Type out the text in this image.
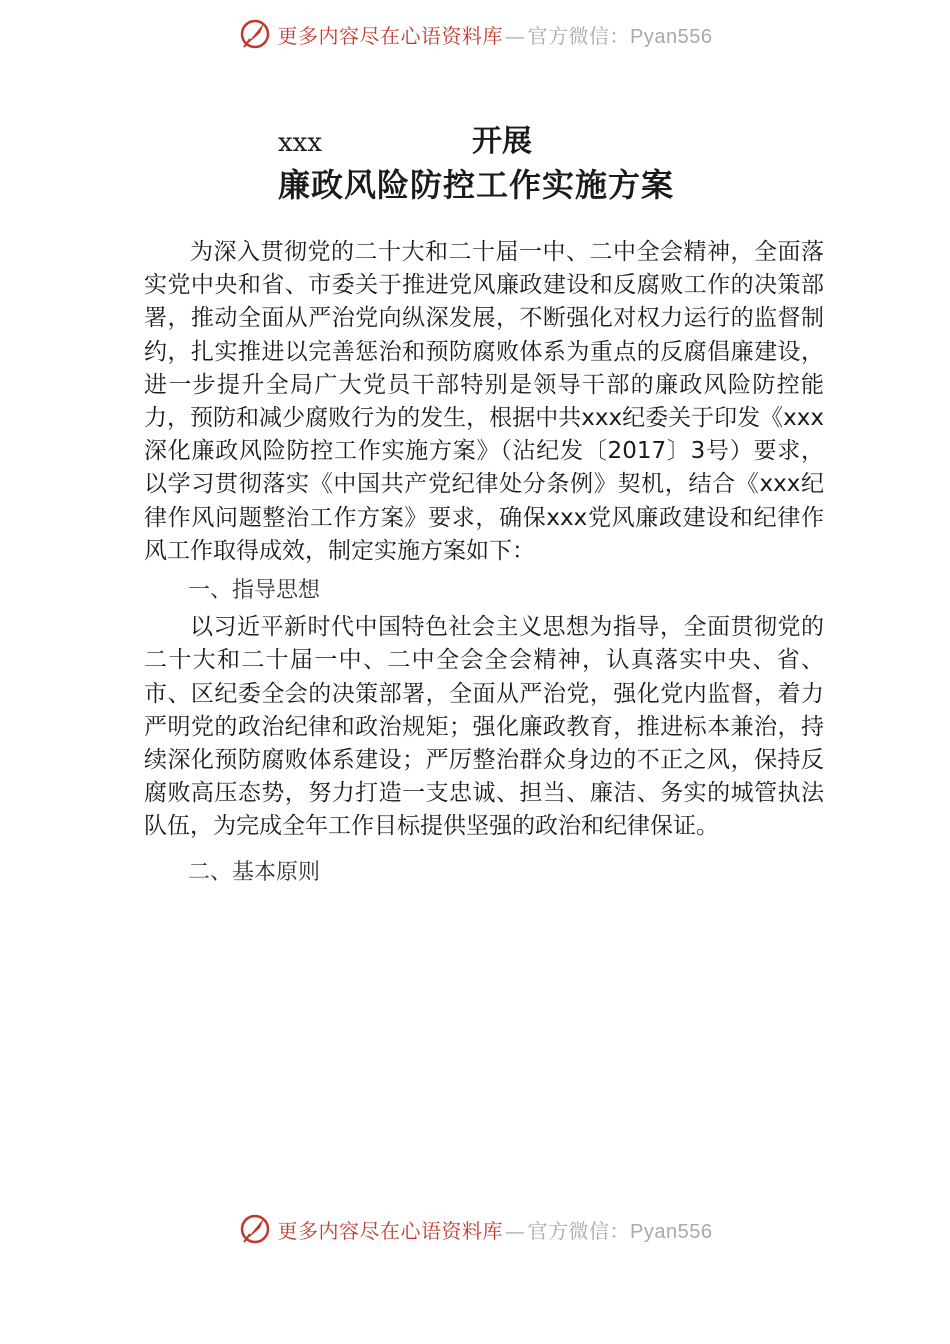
更多内容尽在心语资料库 — 官方微信：Pyan556
xxx	开展
廉政风险防控工作实施方案

为深入贯彻党的二十大和二十届一中、二中全会精神，全面落实党中央和省、市委关于推进党风廉政建设和反腐败工作的决策部署，推动全面从严治党向纵深发展，不断强化对权力运行的监督制约，扎实推进以完善惩治和预防腐败体系为重点的反腐倡廉建设，进一步提升全局广大党员干部特别是领导干部的廉政风险防控能力，预防和减少腐败行为的发生，根据中共xxx纪委关于印发《xxx深化廉政风险防控工作实施方案》（沾纪发〔2017〕3号）要求，以学习贯彻落实《中国共产党纪律处分条例》契机，结合《xxx纪律作风问题整治工作方案》要求，确保xxx党风廉政建设和纪律作风工作取得成效，制定实施方案如下：

一、指导思想

以习近平新时代中国特色社会主义思想为指导，全面贯彻党的二十大和二十届一中、二中全会全会精神，认真落实中央、省、市、区纪委全会的决策部署，全面从严治党，强化党内监督，着力严明党的政治纪律和政治规矩；强化廉政教育，推进标本兼治，持续深化预防腐败体系建设；严厉整治群众身边的不正之风，保持反腐败高压态势，努力打造一支忠诚、担当、廉洁、务实的城管执法队伍，为完成全年工作目标提供坚强的政治和纪律保证。

二、基本原则

更多内容尽在心语资料库 — 官方微信：Pyan556
